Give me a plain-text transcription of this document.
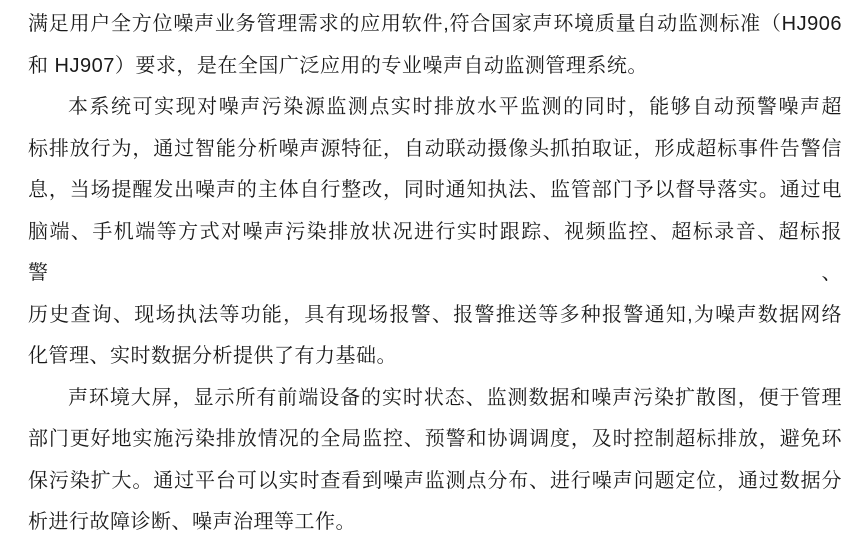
满足用户全方位噪声业务管理需求的应用软件,符合国家声环境质量自动监测标准（HJ906
和 HJ907）要求，是在全国广泛应用的专业噪声自动监测管理系统。
本系统可实现对噪声污染源监测点实时排放水平监测的同时，能够自动预警噪声超
标排放行为，通过智能分析噪声源特征，自动联动摄像头抓拍取证，形成超标事件告警信
息，当场提醒发出噪声的主体自行整改，同时通知执法、监管部门予以督导落实。通过电
脑端、手机端等方式对噪声污染排放状况进行实时跟踪、视频监控、超标录音、超标报警、
历史查询、现场执法等功能，具有现场报警、报警推送等多种报警通知,为噪声数据网络
化管理、实时数据分析提供了有力基础。
声环境大屏，显示所有前端设备的实时状态、监测数据和噪声污染扩散图，便于管理
部门更好地实施污染排放情况的全局监控、预警和协调调度，及时控制超标排放，避免环
保污染扩大。通过平台可以实时查看到噪声监测点分布、进行噪声问题定位，通过数据分
析进行故障诊断、噪声治理等工作。
